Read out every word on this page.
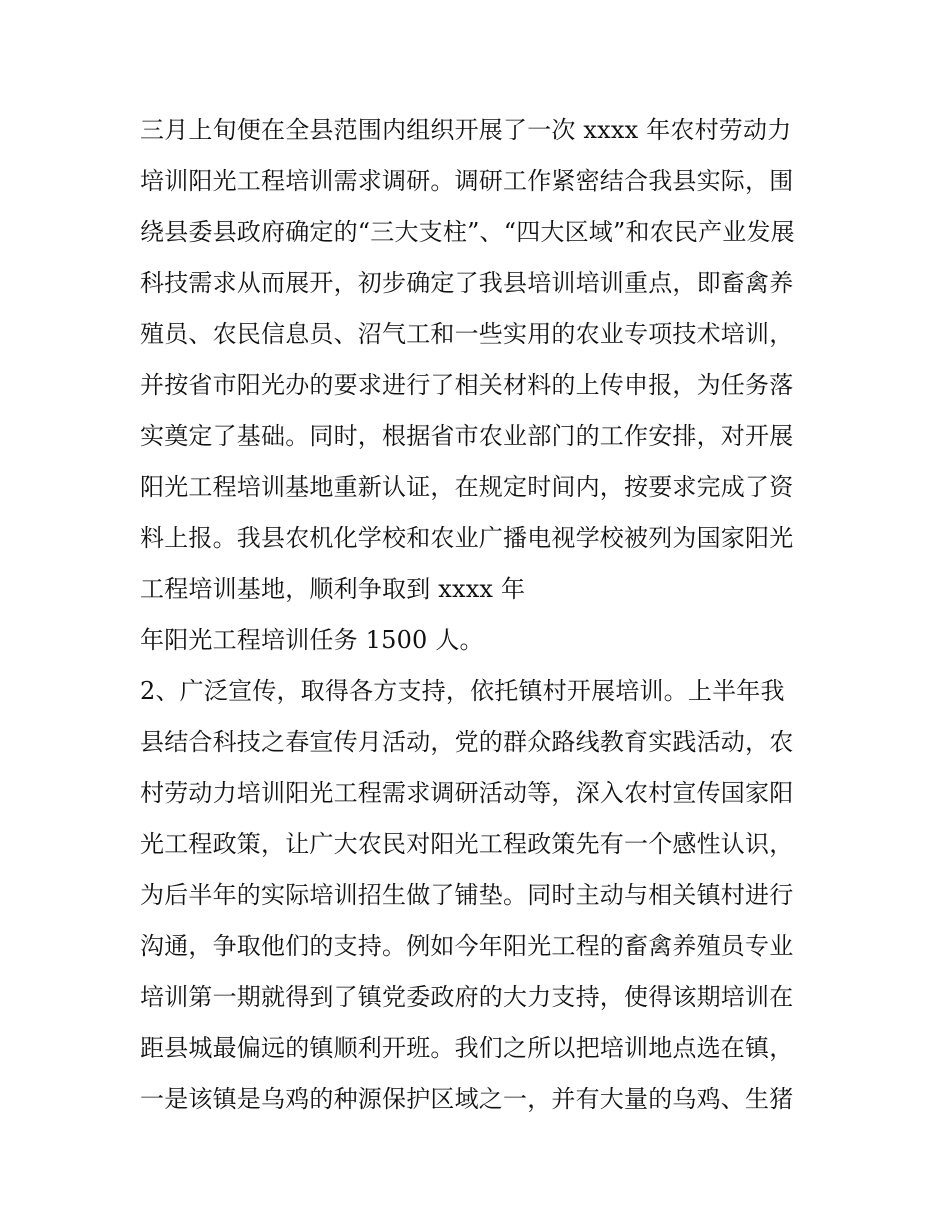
三月上旬便在全县范围内组织开展了一次 xxxx 年农村劳动力
培训阳光工程培训需求调研。调研工作紧密结合我县实际，围
绕县委县政府确定的“三大支柱”、“四大区域”和农民产业发展
科技需求从而展开，初步确定了我县培训培训重点，即畜禽养
殖员、农民信息员、沼气工和一些实用的农业专项技术培训，
并按省市阳光办的要求进行了相关材料的上传申报，为任务落
实奠定了基础。同时，根据省市农业部门的工作安排，对开展
阳光工程培训基地重新认证，在规定时间内，按要求完成了资
料上报。我县农机化学校和农业广播电视学校被列为国家阳光
工程培训基地，顺利争取到 xxxx 年
年阳光工程培训任务 1500 人。
2、广泛宣传，取得各方支持，依托镇村开展培训。上半年我
县结合科技之春宣传月活动，党的群众路线教育实践活动，农
村劳动力培训阳光工程需求调研活动等，深入农村宣传国家阳
光工程政策，让广大农民对阳光工程政策先有一个感性认识，
为后半年的实际培训招生做了铺垫。同时主动与相关镇村进行
沟通，争取他们的支持。例如今年阳光工程的畜禽养殖员专业
培训第一期就得到了镇党委政府的大力支持，使得该期培训在
距县城最偏远的镇顺利开班。我们之所以把培训地点选在镇，
一是该镇是乌鸡的种源保护区域之一，并有大量的乌鸡、生猪
